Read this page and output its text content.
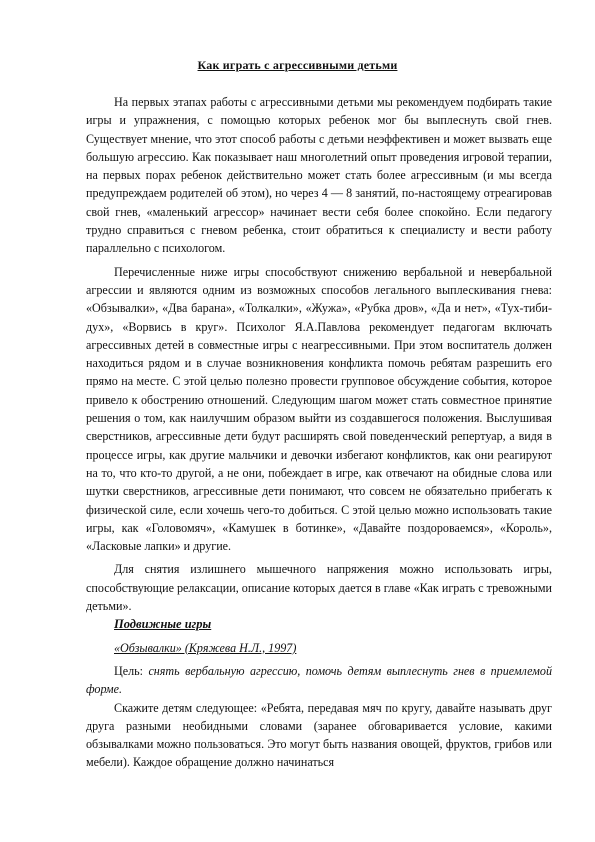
Как играть с агрессивными детьми

На первых этапах работы с агрессивными детьми мы рекомендуем подбирать такие игры и упражнения, с помощью которых ребенок мог бы выплеснуть свой гнев. Существует мнение, что этот способ работы с детьми неэффективен и может вызвать еще большую агрессию. Как показывает наш многолетний опыт проведения игровой терапии, на первых порах ребенок действительно может стать более агрессивным (и мы всегда предупреждаем родителей об этом), но через 4 — 8 занятий, по-настоящему отреагировав свой гнев, «маленький агрессор» начинает вести себя более спокойно. Если педагогу трудно справиться с гневом ребенка, стоит обратиться к специалисту и вести работу параллельно с психологом.

Перечисленные ниже игры способствуют снижению вербальной и невербальной агрессии и являются одним из возможных способов легального выплескивания гнева: «Обзывалки», «Два барана», «Толкалки», «Жужа», «Рубка дров», «Да и нет», «Тух-тиби-дух», «Ворвись в круг». Психолог Я.А.Павлова рекомендует педагогам включать агрессивных детей в совместные игры с неагрессивными. При этом воспитатель должен находиться рядом и в случае возникновения конфликта помочь ребятам разрешить его прямо на месте. С этой целью полезно провести групповое обсуждение события, которое привело к обострению отношений. Следующим шагом может стать совместное принятие решения о том, как наилучшим образом выйти из создавшегося положения. Выслушивая сверстников, агрессивные дети будут расширять свой поведенческий репертуар, а видя в процессе игры, как другие мальчики и девочки избегают конфликтов, как они реагируют на то, что кто-то другой, а не они, побеждает в игре, как отвечают на обидные слова или шутки сверстников, агрессивные дети понимают, что совсем не обязательно прибегать к физической силе, если хочешь чего-то добиться. С этой целью можно использовать такие игры, как «Головомяч», «Камушек в ботинке», «Давайте поздороваемся», «Король», «Ласковые лапки» и другие.

Для снятия излишнего мышечного напряжения можно использовать игры, способствующие релаксации, описание которых дается в главе «Как играть с тревожными детьми».

Подвижные игры

«Обзывалки» (Кряжева Н.Л., 1997)

Цель: снять вербальную агрессию, помочь детям выплеснуть гнев в приемлемой форме.

Скажите детям следующее: «Ребята, передавая мяч по кругу, давайте называть друг друга разными необидными словами (заранее обговаривается условие, какими обзывалками можно пользоваться. Это могут быть названия овощей, фруктов, грибов или мебели). Каждое обращение должно начинаться
